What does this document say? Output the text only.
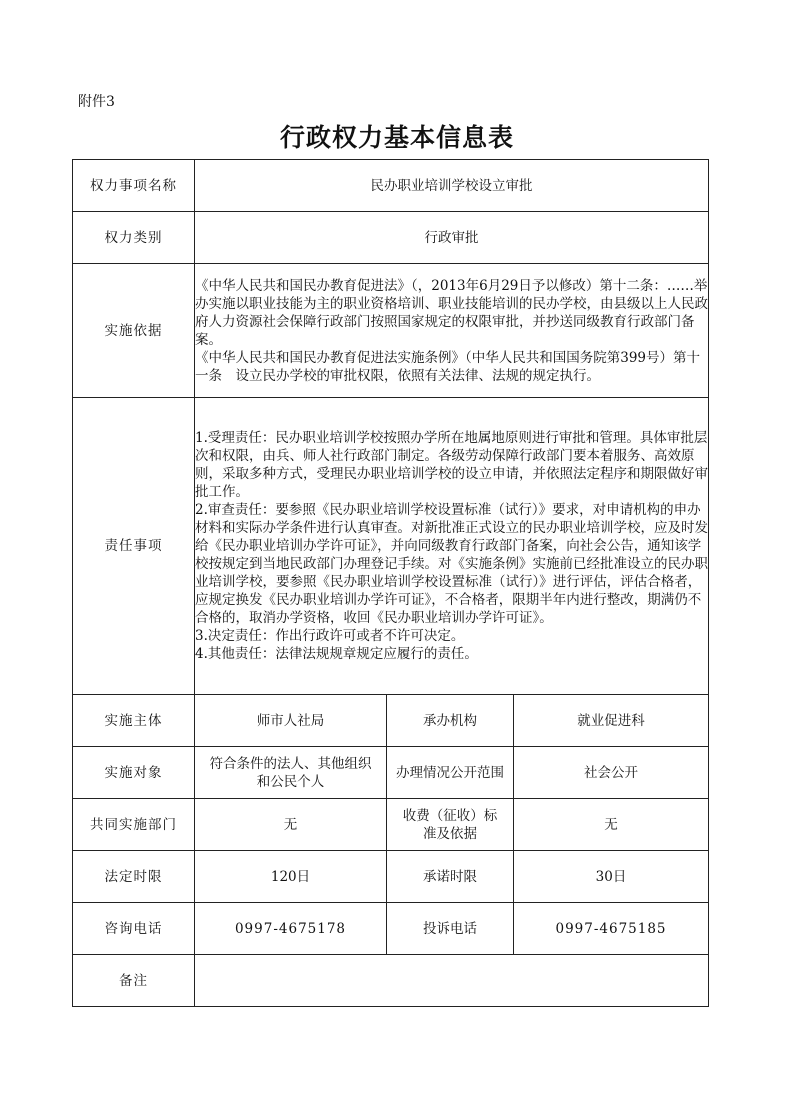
附件3
行政权力基本信息表
权力事项名称	民办职业培训学校设立审批		
权力类别	行政审批		
实施依据	《中华人民共和国民办教育促进法》（，2013年6月29日予以修改）第十二条：……举办实施以职业技能为主的职业资格培训、职业技能培训的民办学校，由县级以上人民政府人力资源社会保障行政部门按照国家规定的权限审批，并抄送同级教育行政部门备案。
《中华人民共和国民办教育促进法实施条例》（中华人民共和国国务院第399号）第十一条　设立民办学校的审批权限，依照有关法律、法规的规定执行。		
责任事项	1.受理责任：民办职业培训学校按照办学所在地属地原则进行审批和管理。具体审批层次和权限，由兵、师人社行政部门制定。各级劳动保障行政部门要本着服务、高效原则，采取多种方式，受理民办职业培训学校的设立申请，并依照法定程序和期限做好审批工作。
2.审查责任：要参照《民办职业培训学校设置标准（试行）》要求，对申请机构的申办材料和实际办学条件进行认真审查。对新批准正式设立的民办职业培训学校，应及时发给《民办职业培训办学许可证》，并向同级教育行政部门备案，向社会公告，通知该学校按规定到当地民政部门办理登记手续。对《实施条例》实施前已经批准设立的民办职业培训学校，要参照《民办职业培训学校设置标准（试行）》进行评估，评估合格者，应规定换发《民办职业培训办学许可证》，不合格者，限期半年内进行整改，期满仍不合格的，取消办学资格，收回《民办职业培训办学许可证》。
3.决定责任：作出行政许可或者不许可决定。
4.其他责任：法律法规规章规定应履行的责任。		
实施主体	师市人社局	承办机构	就业促进科
实施对象	符合条件的法人、其他组织和公民个人	办理情况公开范围	社会公开
共同实施部门	无	收费（征收）标准及依据	无
法定时限	120日	承诺时限	30日
咨询电话	0997-4675178	投诉电话	0997-4675185
备注			
